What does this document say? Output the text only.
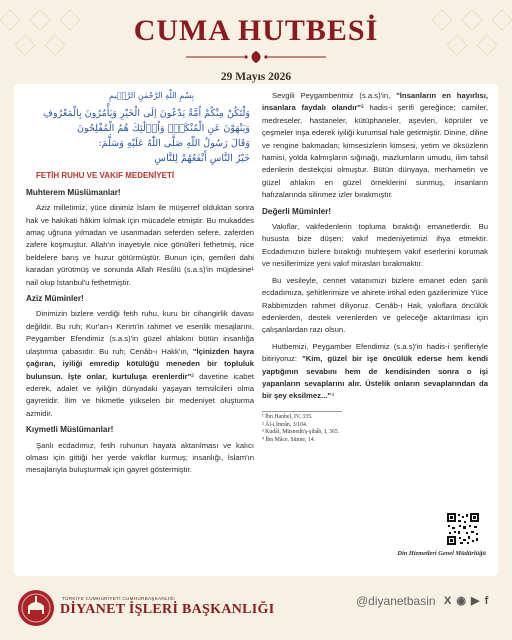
CUMA HUTBESİ
29 Mayıs 2026
بِسْمِ اللّٰهِ الرَّحْمٰنِ الرَّح۪يمِ
وَلْتَكُنْ مِنْكُمْ اُمَّةٌ يَدْعُونَ اِلَى الْخَيْرِ وَيَأْمُرُونَ بِالْمَعْرُوفِ
وَيَنْهَوْنَ عَنِ الْمُنْكَرِۜ وَاُو۬لٰٓئِكَ هُمُ الْمُفْلِحُونَ
وَقَالَ رَسُولُ اللّٰهِ صَلَّى اللّٰهُ عَلَيْهِ وَسَلَّمَ:
خَيْرُ النَّاسِ أَنْفَعُهُمْ لِلنَّاسِ
FETİH RUHU VE VAKIF MEDENİYETİ
Muhterem Müslümanlar!
Aziz milletimiz, yüce dinimiz İslam ile müşerref olduktan sonra hak ve hakikati hâkim kılmak için mücadele etmiştir. Bu mukaddes amaç uğruna yılmadan ve usanmadan seferden sefere, zaferden zafere koşmuştur. Allah'ın inayetiyle nice gönülleri fethetmiş, nice beldelere barış ve huzur götürmüştür. Bunun için, gemileri dahi karadan yürütmüş ve sonunda Allah Resûlü (s.a.s)'in müjdesine¹ nail olup İstanbul'u fethetmiştir.
Aziz Müminler!
Dinimizin bizlere verdiği fetih ruhu, kuru bir cihangirlik davası değildir. Bu ruh; Kur'an-ı Kerim'in rahmet ve esenlik mesajlarını, Peygamber Efendimiz (s.a.s)'in güzel ahlakını bütün insanlığa ulaştırma çabasıdır. Bu ruh; Cenâb-ı Hakk'ın, "İçinizden hayra çağıran, iyiliği emredip kötülüğü meneden bir topluluk bulunsun. İşte onlar, kurtuluşa erenlerdir"² davetine icabet ederek, adalet ve iyiliğin dünyadaki yaşayan temsilcileri olma gayretidir. İlim ve hikmetle yükselen bir medeniyet oluşturma azmidir.
Kıymetli Müslümanlar!
Şanlı ecdadımız, fetih ruhunun hayata aktarılması ve kalıcı olması için gittiği her yerde vakıflar kurmuş; insanlığı, İslam'ın mesajlarıyla buluşturmak için gayret göstermiştir.
Sevgili Peygamberimiz (s.a.s)'in, "İnsanların en hayırlısı, insanlara faydalı olandır"³ hadis-i şerifi gereğince; camiler, medreseler, hastaneler, kütüphaneler, aşevleri, köprüler ve çeşmeler inşa ederek iyiliği kurumsal hale getirmiştir. Dinine, diline ve rengine bakmadan; kimsesizlerin kimsesi, yetim ve öksüzlerin hamisi, yolda kalmışların sığınağı, mazlumların umudu, ilim tahsil edenlerin destekçisi olmuştur. Bütün dünyaya, merhametin ve güzel ahlakın en güzel örneklerini sunmuş, insanların hafızalarında silinmez izler bırakmıştır.
Değerli Müminler!
Vakıflar, vakfedenlerin topluma bıraktığı emanetlerdir. Bu hususta bize düşen; vakıf medeniyetimizi ihya etmektir. Ecdadımızın bizlere bıraktığı muhteşem vakıf eserlerini korumak ve nesillerimize yeni vakıf mirasları bırakmaktır.
Bu vesileyle, cennet vatanımızı bizlere emanet eden şanlı ecdadımıza, şehitlerimize ve ahirete irtihal eden gazilerimize Yüce Rabbimizden rahmet diliyoruz. Cenâb-ı Hak, vakıflara öncülük edenlerden, destek verenlerden ve geleceğe aktarılması için çalışanlardan razı olsun.
Hutbemizi, Peygamber Efendimiz (s.a.s)'in hadis-i şerifleriyle bitiriyoruz: "Kim, güzel bir işe öncülük ederse hem kendi yaptığının sevabını hem de kendisinden sonra o işi yapanların sevaplarını alır. Üstelik onların sevaplarından da bir şey eksilmez..."⁴
¹ İbn Hanbel, IV, 335.
² Âl-i İmrân, 3/104.
³ Kudâî, Müsnedü'ş-şihâb, I, 365.
⁴ İbn Mâce, Sünne, 14.
Din Hizmetleri Genel Müdürlüğü
TÜRKİYE CUMHURİYETİ CUMHURBAŞKANLIĞI
DİYANET İŞLERİ BAŞKANLIĞI
@diyanetbasin X ◉ ▶ f
